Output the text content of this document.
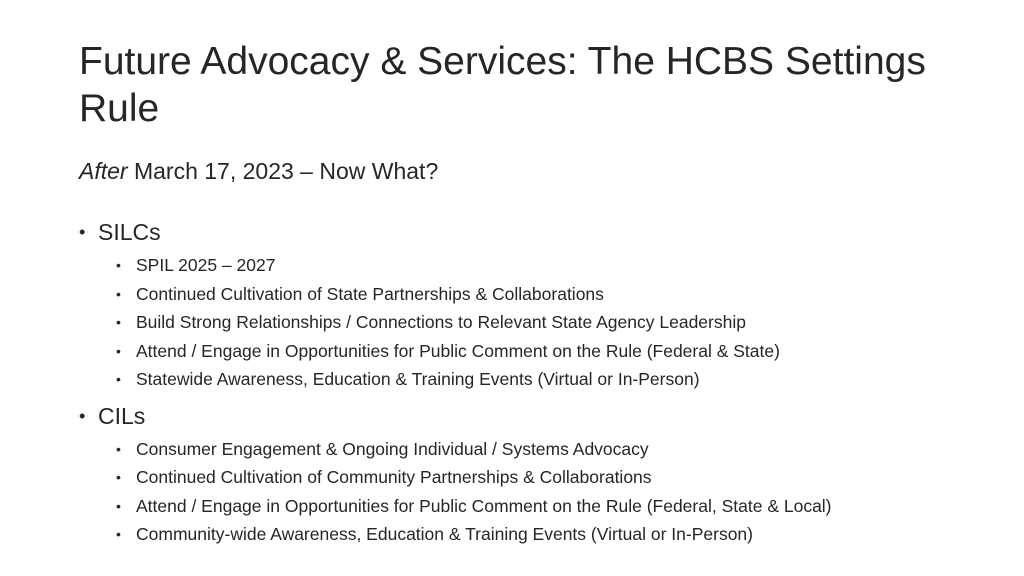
Future Advocacy & Services: The HCBS Settings Rule

After March 17, 2023 – Now What?

• SILCs
• SPIL 2025 – 2027
• Continued Cultivation of State Partnerships & Collaborations
• Build Strong Relationships / Connections to Relevant State Agency Leadership
• Attend / Engage in Opportunities for Public Comment on the Rule (Federal & State)
• Statewide Awareness, Education & Training Events (Virtual or In-Person)
• CILs
• Consumer Engagement & Ongoing Individual / Systems Advocacy
• Continued Cultivation of Community Partnerships & Collaborations
• Attend / Engage in Opportunities for Public Comment on the Rule (Federal, State & Local)
• Community-wide Awareness, Education & Training Events (Virtual or In-Person)
